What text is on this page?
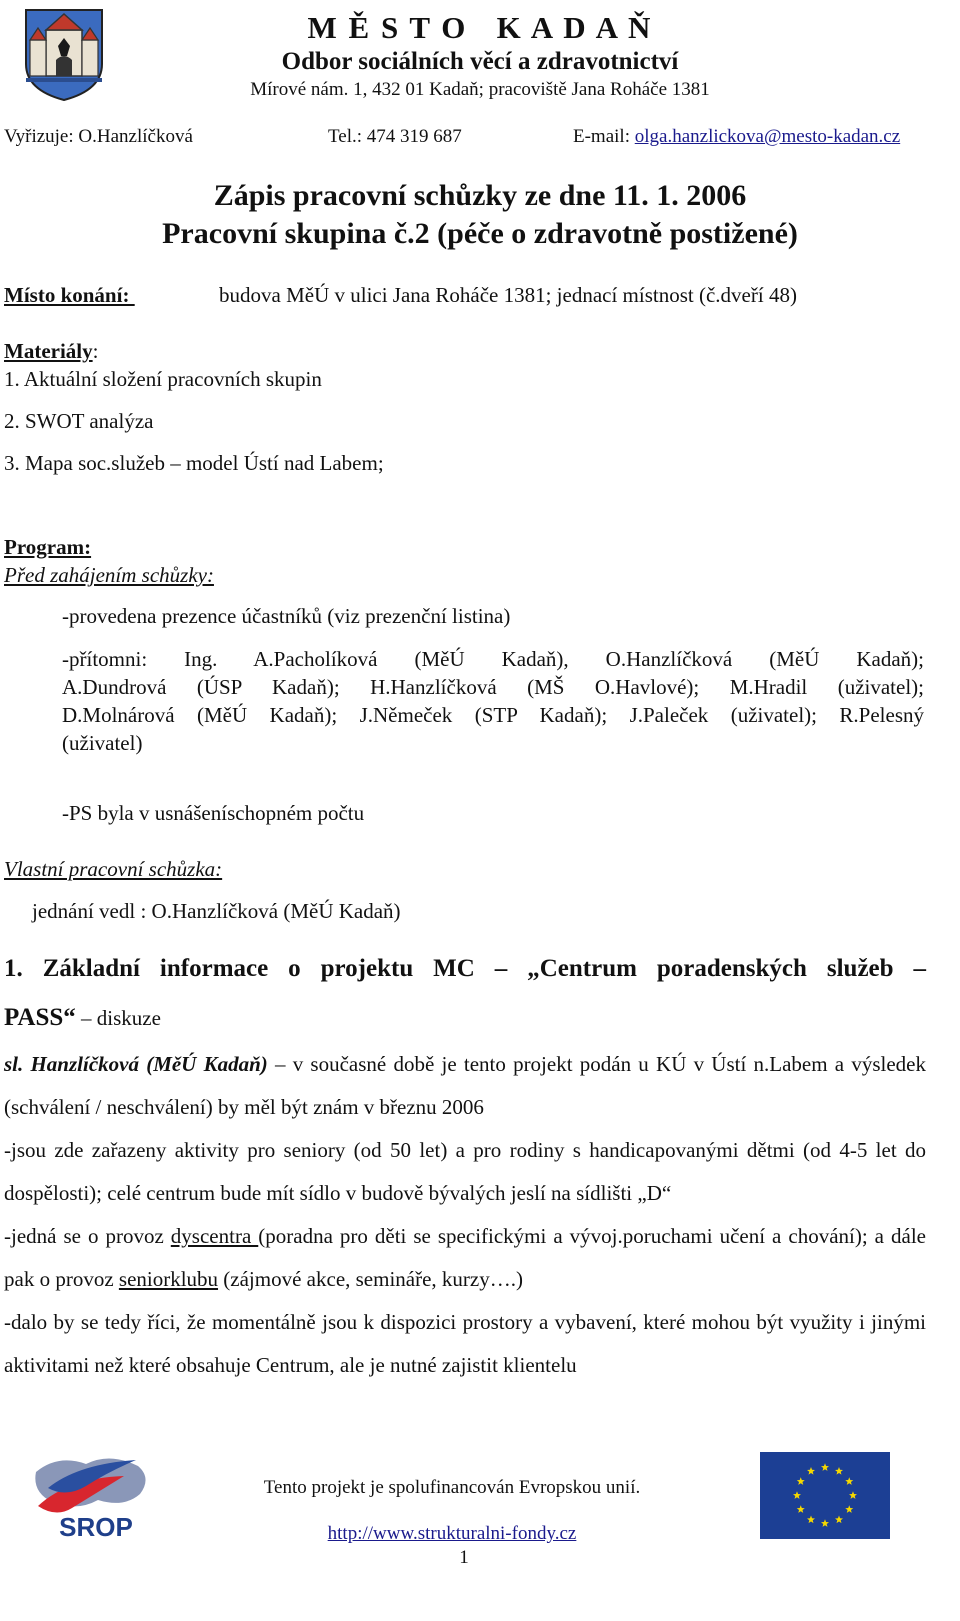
M Ě S T O   K A D A Ň
Odbor sociálních věcí a zdravotnictví
Mírové nám. 1, 432 01 Kadaň; pracoviště Jana Roháče 1381
Vyřizuje: O.Hanzlíčková	Tel.: 474 319 687	E-mail: olga.hanzlickova@mesto-kadan.cz
Zápis pracovní schůzky ze dne 11. 1. 2006
Pracovní skupina č.2 (péče o zdravotně postižené)
Místo konání:	budova MěÚ v ulici Jana Roháče 1381; jednací místnost (č.dveří 48)
Materiály:
1. Aktuální složení pracovních skupin
2. SWOT analýza
3. Mapa soc.služeb – model Ústí nad Labem;
Program:
Před zahájením schůzky:
-provedena prezence účastníků (viz prezenční listina)
-přítomni: Ing. A.Pacholíková (MěÚ Kadaň), O.Hanzlíčková (MěÚ Kadaň);
A.Dundrová (ÚSP Kadaň); H.Hanzlíčková (MŠ O.Havlové); M.Hradil (uživatel);
D.Molnárová (MěÚ Kadaň); J.Němeček (STP Kadaň); J.Paleček (uživatel); R.Pelesný
(uživatel)
-PS byla v usnášeníschopném počtu
Vlastní pracovní schůzka:
jednání vedl : O.Hanzlíčková (MěÚ Kadaň)
1. Základní informace o projektu MC – „Centrum poradenských služeb –
PASS“ – diskuze

sl. Hanzlíčková (MěÚ Kadaň) – v současné době je tento projekt podán u KÚ v Ústí n.Labem a výsledek (schválení / neschválení) by měl být znám v březnu 2006

-jsou zde zařazeny aktivity pro seniory (od 50 let) a pro rodiny s handicapovanými dětmi (od 4-5 let do dospělosti); celé centrum bude mít sídlo v budově bývalých jeslí na sídlišti „D“

-jedná se o provoz dyscentra (poradna pro děti se specifickými a vývoj.poruchami učení a chování); a dále pak o provoz seniorklubu (zájmové akce, semináře, kurzy….)

-dalo by se tedy říci, že momentálně jsou k dispozici prostory a vybavení, které mohou být využity i jinými aktivitami než které obsahuje Centrum, ale je nutné zajistit klientelu

SROP
Tento projekt je spolufinancován Evropskou unií.
http://www.strukturalni-fondy.cz
1
